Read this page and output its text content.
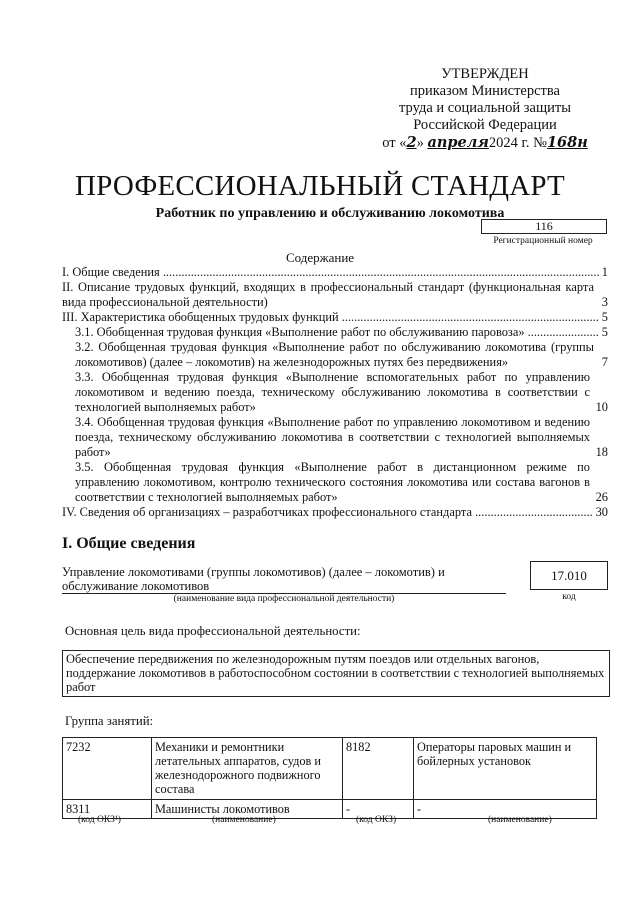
УТВЕРЖДЕН
приказом Министерства
труда и социальной защиты
Российской Федерации
от «2» апреля2024 г. №168н
ПРОФЕССИОНАЛЬНЫЙ СТАНДАРТ
Работник по управлению и обслуживанию локомотива
116
Регистрационный номер
Содержание
I. Общие сведения .....	1
II. Описание трудовых функций, входящих в профессиональный стандарт (функциональная карта вида профессиональной деятельности)	3
III. Характеристика обобщенных трудовых функций .....	5
3.1. Обобщенная трудовая функция «Выполнение работ по обслуживанию паровоза» .....	5
3.2. Обобщенная трудовая функция «Выполнение работ по обслуживанию локомотива (группы локомотивов) (далее – локомотив) на железнодорожных путях без передвижения»	7
3.3. Обобщенная трудовая функция «Выполнение вспомогательных работ по управлению локомотивом и ведению поезда, техническому обслуживанию локомотива в соответствии с технологией выполняемых работ»	10
3.4. Обобщенная трудовая функция «Выполнение работ по управлению локомотивом и ведению поезда, техническому обслуживанию локомотива в соответствии с технологией выполняемых работ»	18
3.5. Обобщенная трудовая функция «Выполнение работ в дистанционном режиме по управлению локомотивом, контролю технического состояния локомотива или состава вагонов в соответствии с технологией выполняемых работ»	26
IV. Сведения об организациях – разработчиках профессионального стандарта .....	30
I. Общие сведения
Управление локомотивами (группы локомотивов) (далее – локомотив) и обслуживание локомотивов
(наименование вида профессиональной деятельности)
17.010
код
Основная цель вида профессиональной деятельности:
Обеспечение передвижения по железнодорожным путям поездов или отдельных вагонов, поддержание локомотивов в работоспособном состоянии в соответствии с технологией выполняемых работ
Группа занятий:
7232	Механики и ремонтники летательных аппаратов, судов и железнодорожного подвижного состава	8182	Операторы паровых машин и бойлерных установок
8311	Машинисты локомотивов	-	-
(код ОКЗ¹)	(наименование)	(код ОКЗ)	(наименование)
